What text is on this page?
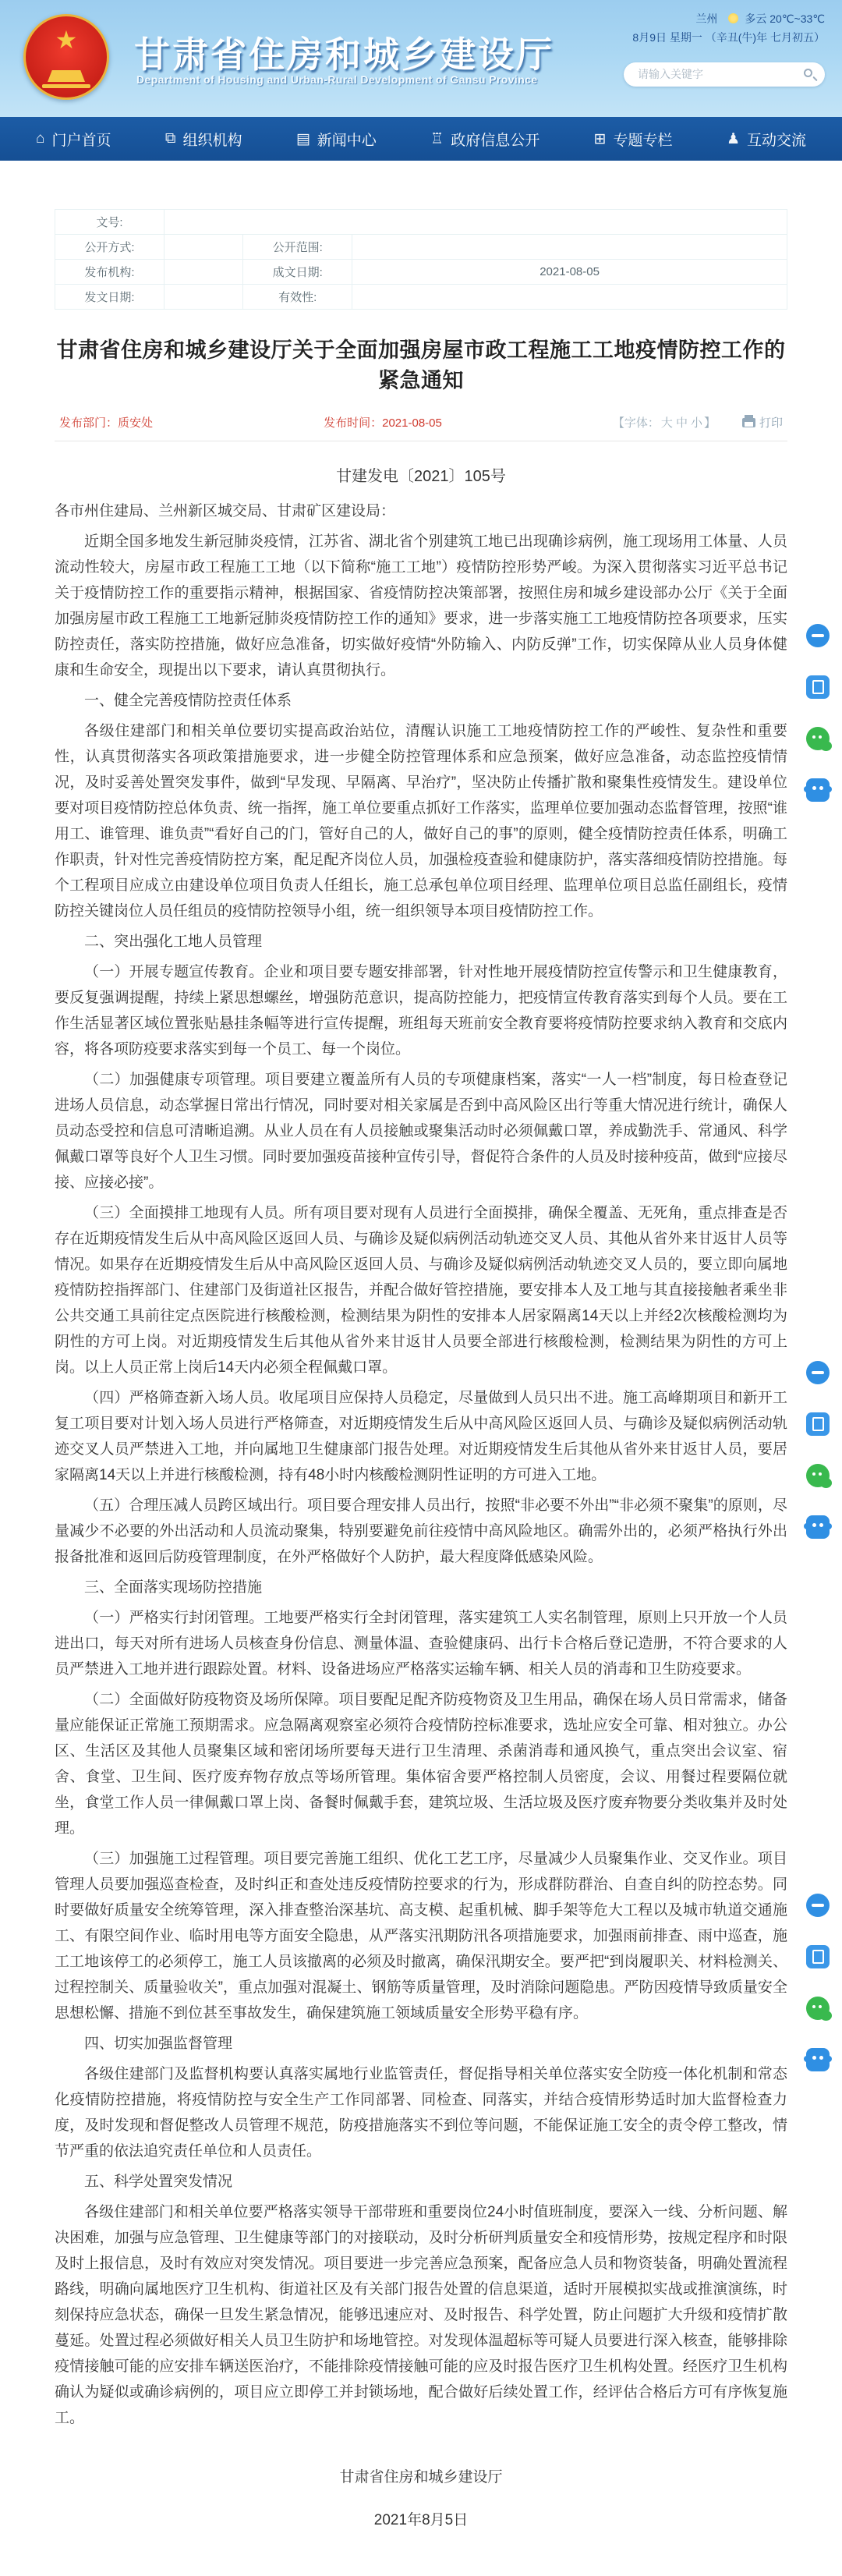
★	甘肃省住房和城乡建设厅
Department of Housing and Urban-Rural Development of Gansu Province
兰州	多云 20℃~33℃
8月9日 星期一 （辛丑(牛)年 七月初五）
请输入关键字
⌂ 门户首页	⧉ 组织机构	▤ 新闻中心	♖ 政府信息公开	⊞ 专题专栏	♟ 互动交流
文号:			
公开方式:		公开范围:	
发布机构:		成文日期:	2021-08-05
发文日期:		有效性:	
甘肃省住房和城乡建设厅关于全面加强房屋市政工程施工工地疫情防控工作的紧急通知
发布部门：质安处	发布时间：2021-08-05	【字体： 大 中 小 】	打印
甘建发电〔2021〕105号

各市州住建局、兰州新区城交局、甘肃矿区建设局：

近期全国多地发生新冠肺炎疫情，江苏省、湖北省个别建筑工地已出现确诊病例，施工现场用工体量、人员流动性较大，房屋市政工程施工工地（以下简称“施工工地”）疫情防控形势严峻。为深入贯彻落实习近平总书记关于疫情防控工作的重要指示精神，根据国家、省疫情防控决策部署，按照住房和城乡建设部办公厅《关于全面加强房屋市政工程施工工地新冠肺炎疫情防控工作的通知》要求，进一步落实施工工地疫情防控各项要求，压实防控责任，落实防控措施，做好应急准备，切实做好疫情“外防输入、内防反弹”工作，切实保障从业人员身体健康和生命安全，现提出以下要求，请认真贯彻执行。

一、健全完善疫情防控责任体系

各级住建部门和相关单位要切实提高政治站位，清醒认识施工工地疫情防控工作的严峻性、复杂性和重要性，认真贯彻落实各项政策措施要求，进一步健全防控管理体系和应急预案，做好应急准备，动态监控疫情情况，及时妥善处置突发事件，做到“早发现、早隔离、早治疗”，坚决防止传播扩散和聚集性疫情发生。建设单位要对项目疫情防控总体负责、统一指挥，施工单位要重点抓好工作落实，监理单位要加强动态监督管理，按照“谁用工、谁管理、谁负责”“看好自己的门，管好自己的人，做好自己的事”的原则，健全疫情防控责任体系，明确工作职责，针对性完善疫情防控方案，配足配齐岗位人员，加强检疫查验和健康防护，落实落细疫情防控措施。每个工程项目应成立由建设单位项目负责人任组长，施工总承包单位项目经理、监理单位项目总监任副组长，疫情防控关键岗位人员任组员的疫情防控领导小组，统一组织领导本项目疫情防控工作。

二、突出强化工地人员管理

（一）开展专题宣传教育。企业和项目要专题安排部署，针对性地开展疫情防控宣传警示和卫生健康教育，要反复强调提醒，持续上紧思想螺丝，增强防范意识，提高防控能力，把疫情宣传教育落实到每个人员。要在工作生活显著区域位置张贴悬挂条幅等进行宣传提醒，班组每天班前安全教育要将疫情防控要求纳入教育和交底内容，将各项防疫要求落实到每一个员工、每一个岗位。

（二）加强健康专项管理。项目要建立覆盖所有人员的专项健康档案，落实“一人一档”制度，每日检查登记进场人员信息，动态掌握日常出行情况，同时要对相关家属是否到中高风险区出行等重大情况进行统计，确保人员动态受控和信息可清晰追溯。从业人员在有人员接触或聚集活动时必须佩戴口罩，养成勤洗手、常通风、科学佩戴口罩等良好个人卫生习惯。同时要加强疫苗接种宣传引导，督促符合条件的人员及时接种疫苗，做到“应接尽接、应接必接”。

（三）全面摸排工地现有人员。所有项目要对现有人员进行全面摸排，确保全覆盖、无死角，重点排查是否存在近期疫情发生后从中高风险区返回人员、与确诊及疑似病例活动轨迹交叉人员、其他从省外来甘返甘人员等情况。如果存在近期疫情发生后从中高风险区返回人员、与确诊及疑似病例活动轨迹交叉人员的，要立即向属地疫情防控指挥部门、住建部门及街道社区报告，并配合做好管控措施，要安排本人及工地与其直接接触者乘坐非公共交通工具前往定点医院进行核酸检测，检测结果为阴性的安排本人居家隔离14天以上并经2次核酸检测均为阴性的方可上岗。对近期疫情发生后其他从省外来甘返甘人员要全部进行核酸检测，检测结果为阴性的方可上岗。以上人员正常上岗后14天内必须全程佩戴口罩。

（四）严格筛查新入场人员。收尾项目应保持人员稳定，尽量做到人员只出不进。施工高峰期项目和新开工复工项目要对计划入场人员进行严格筛查，对近期疫情发生后从中高风险区返回人员、与确诊及疑似病例活动轨迹交叉人员严禁进入工地，并向属地卫生健康部门报告处理。对近期疫情发生后其他从省外来甘返甘人员，要居家隔离14天以上并进行核酸检测，持有48小时内核酸检测阴性证明的方可进入工地。

（五）合理压减人员跨区域出行。项目要合理安排人员出行，按照“非必要不外出”“非必须不聚集”的原则，尽量减少不必要的外出活动和人员流动聚集，特别要避免前往疫情中高风险地区。确需外出的，必须严格执行外出报备批准和返回后防疫管理制度，在外严格做好个人防护，最大程度降低感染风险。

三、全面落实现场防控措施

（一）严格实行封闭管理。工地要严格实行全封闭管理，落实建筑工人实名制管理，原则上只开放一个人员进出口，每天对所有进场人员核查身份信息、测量体温、查验健康码、出行卡合格后登记造册，不符合要求的人员严禁进入工地并进行跟踪处置。材料、设备进场应严格落实运输车辆、相关人员的消毒和卫生防疫要求。

（二）全面做好防疫物资及场所保障。项目要配足配齐防疫物资及卫生用品，确保在场人员日常需求，储备量应能保证正常施工预期需求。应急隔离观察室必须符合疫情防控标准要求，选址应安全可靠、相对独立。办公区、生活区及其他人员聚集区域和密闭场所要每天进行卫生清理、杀菌消毒和通风换气，重点突出会议室、宿舍、食堂、卫生间、医疗废弃物存放点等场所管理。集体宿舍要严格控制人员密度，会议、用餐过程要隔位就坐，食堂工作人员一律佩戴口罩上岗、备餐时佩戴手套，建筑垃圾、生活垃圾及医疗废弃物要分类收集并及时处理。

（三）加强施工过程管理。项目要完善施工组织、优化工艺工序，尽量减少人员聚集作业、交叉作业。项目管理人员要加强巡查检查，及时纠正和查处违反疫情防控要求的行为，形成群防群治、自查自纠的防控态势。同时要做好质量安全统筹管理，深入排查整治深基坑、高支模、起重机械、脚手架等危大工程以及城市轨道交通施工、有限空间作业、临时用电等方面安全隐患，从严落实汛期防汛各项措施要求，加强雨前排查、雨中巡查，施工工地该停工的必须停工，施工人员该撤离的必须及时撤离，确保汛期安全。要严把“到岗履职关、材料检测关、过程控制关、质量验收关”，重点加强对混凝土、钢筋等质量管理，及时消除问题隐患。严防因疫情导致质量安全思想松懈、措施不到位甚至事故发生，确保建筑施工领域质量安全形势平稳有序。

四、切实加强监督管理

各级住建部门及监督机构要认真落实属地行业监管责任，督促指导相关单位落实安全防疫一体化机制和常态化疫情防控措施，将疫情防控与安全生产工作同部署、同检查、同落实，并结合疫情形势适时加大监督检查力度，及时发现和督促整改人员管理不规范，防疫措施落实不到位等问题，不能保证施工安全的责令停工整改，情节严重的依法追究责任单位和人员责任。

五、科学处置突发情况

各级住建部门和相关单位要严格落实领导干部带班和重要岗位24小时值班制度，要深入一线、分析问题、解决困难，加强与应急管理、卫生健康等部门的对接联动，及时分析研判质量安全和疫情形势，按规定程序和时限及时上报信息，及时有效应对突发情况。项目要进一步完善应急预案，配备应急人员和物资装备，明确处置流程路线，明确向属地医疗卫生机构、街道社区及有关部门报告处置的信息渠道，适时开展模拟实战或推演演练，时刻保持应急状态，确保一旦发生紧急情况，能够迅速应对、及时报告、科学处置，防止问题扩大升级和疫情扩散蔓延。处置过程必须做好相关人员卫生防护和场地管控。对发现体温超标等可疑人员要进行深入核查，能够排除疫情接触可能的应安排车辆送医治疗，不能排除疫情接触可能的应及时报告医疗卫生机构处置。经医疗卫生机构确认为疑似或确诊病例的，项目应立即停工并封锁场地，配合做好后续处置工作，经评估合格后方可有序恢复施工。

甘肃省住房和城乡建设厅
2021年8月5日
